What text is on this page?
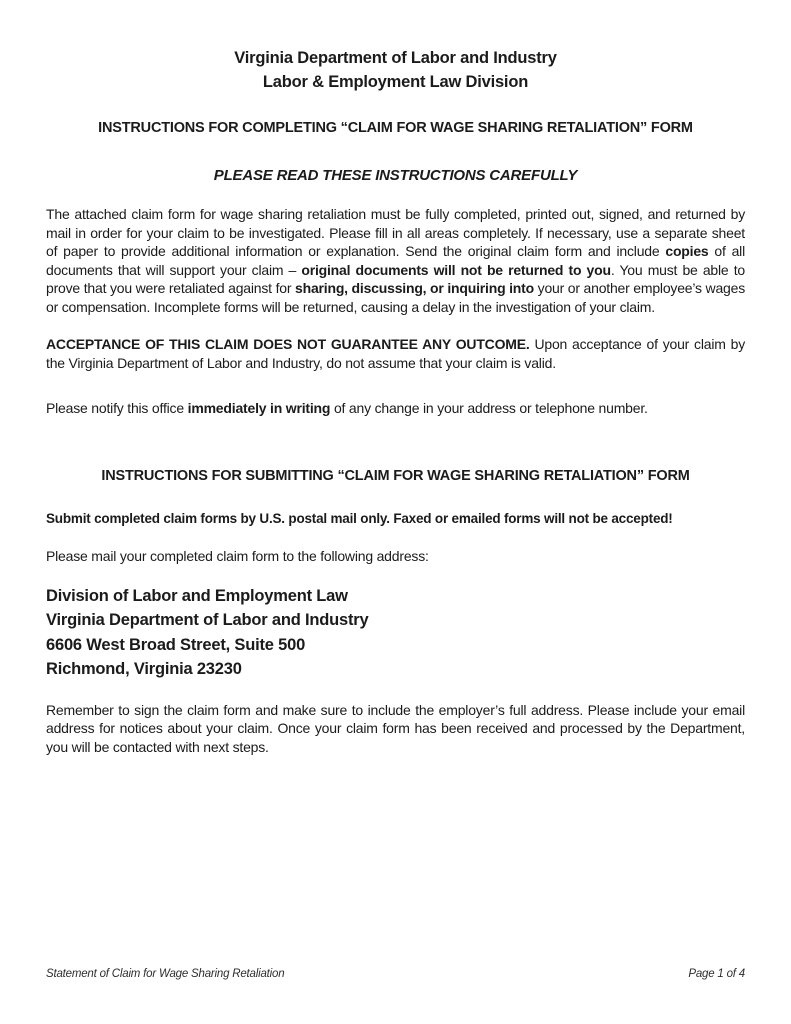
Virginia Department of Labor and Industry
Labor & Employment Law Division
INSTRUCTIONS FOR COMPLETING “CLAIM FOR WAGE SHARING RETALIATION” FORM
PLEASE READ THESE INSTRUCTIONS CAREFULLY

The attached claim form for wage sharing retaliation must be fully completed, printed out, signed, and returned by mail in order for your claim to be investigated. Please fill in all areas completely. If necessary, use a separate sheet of paper to provide additional information or explanation. Send the original claim form and include copies of all documents that will support your claim – original documents will not be returned to you. You must be able to prove that you were retaliated against for sharing, discussing, or inquiring into your or another employee’s wages or compensation. Incomplete forms will be returned, causing a delay in the investigation of your claim.

ACCEPTANCE OF THIS CLAIM DOES NOT GUARANTEE ANY OUTCOME. Upon acceptance of your claim by the Virginia Department of Labor and Industry, do not assume that your claim is valid.

Please notify this office immediately in writing of any change in your address or telephone number.

INSTRUCTIONS FOR SUBMITTING “CLAIM FOR WAGE SHARING RETALIATION” FORM

Submit completed claim forms by U.S. postal mail only. Faxed or emailed forms will not be accepted!

Please mail your completed claim form to the following address:

Division of Labor and Employment Law
Virginia Department of Labor and Industry
6606 West Broad Street, Suite 500
Richmond, Virginia 23230

Remember to sign the claim form and make sure to include the employer’s full address. Please include your email address for notices about your claim. Once your claim form has been received and processed by the Department, you will be contacted with next steps.

Statement of Claim for Wage Sharing Retaliation	Page 1 of 4
